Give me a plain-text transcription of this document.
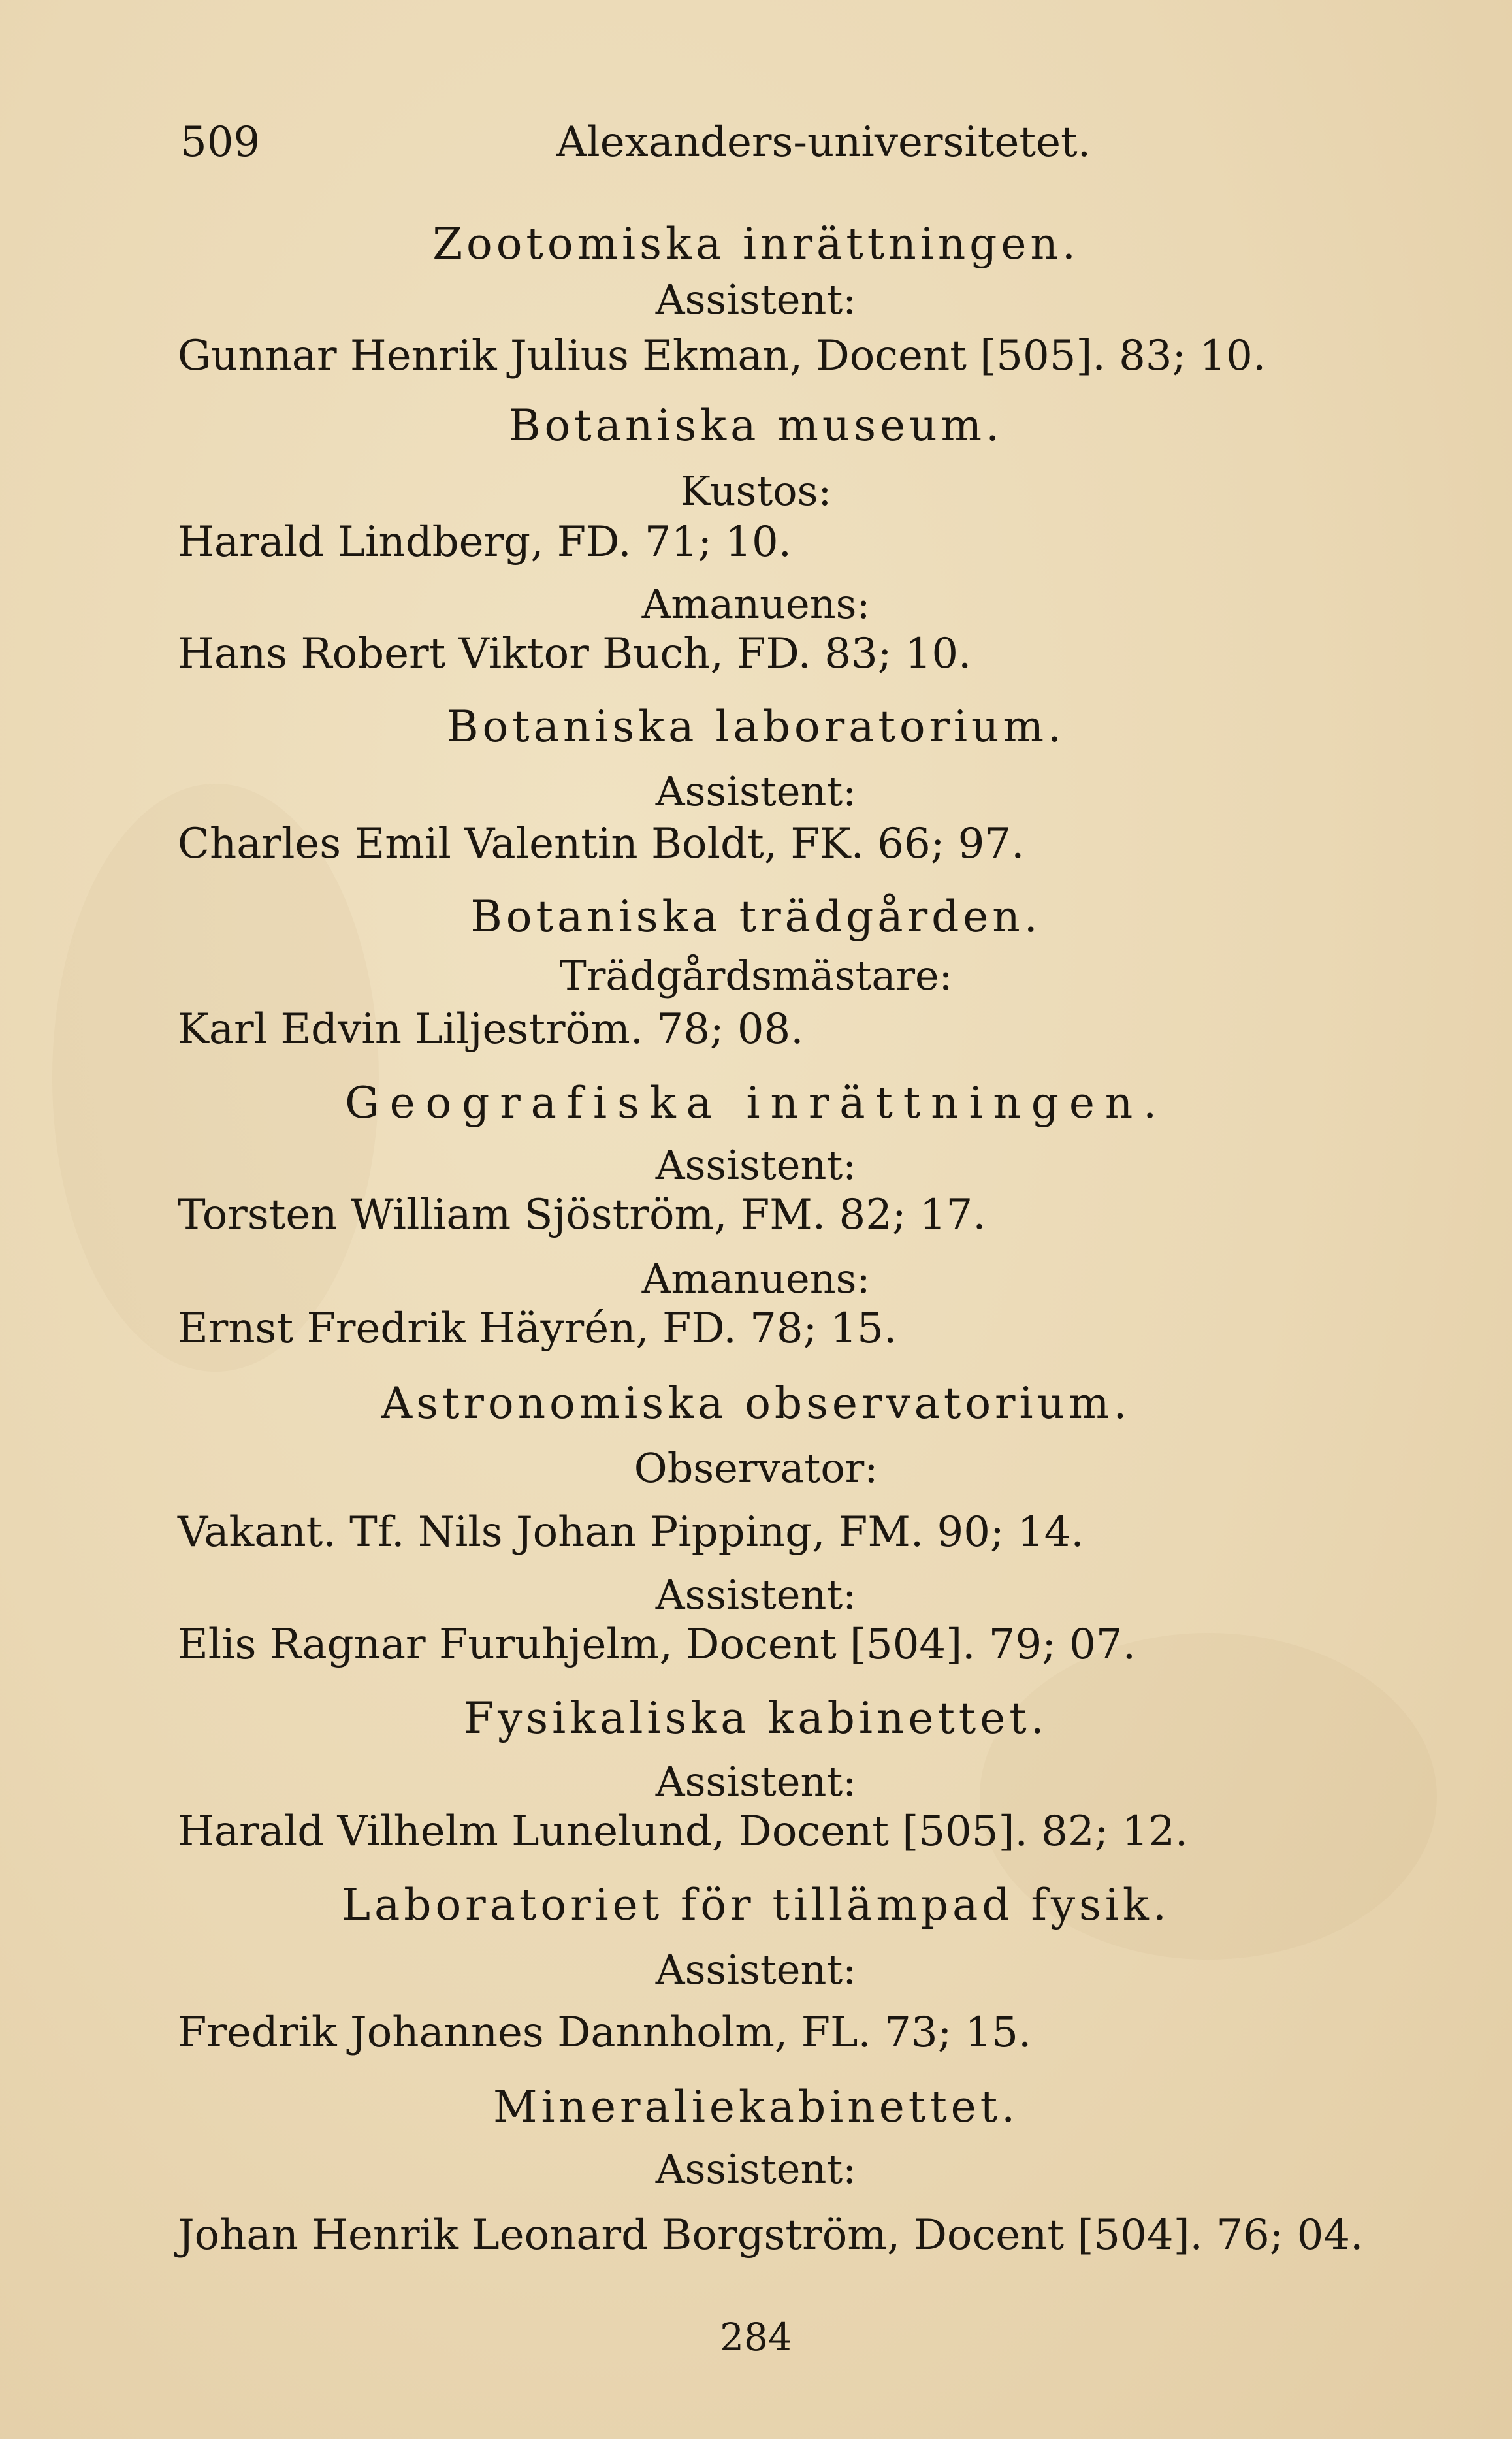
509	Alexanders-universitetet.
Zootomiska inrättningen.
Assistent:
Gunnar Henrik Julius Ekman, Docent [505]. 83; 10.
Botaniska museum.
Kustos:
Harald Lindberg, FD. 71; 10.
Amanuens:
Hans Robert Viktor Buch, FD. 83; 10.
Botaniska laboratorium.
Assistent:
Charles Emil Valentin Boldt, FK. 66; 97.
Botaniska trädgården.
Trädgårdsmästare:
Karl Edvin Liljeström. 78; 08.
Geografiska inrättningen.
Assistent:
Torsten William Sjöström, FM. 82; 17.
Amanuens:
Ernst Fredrik Häyrén, FD. 78; 15.
Astronomiska observatorium.
Observator:
Vakant. Tf. Nils Johan Pipping, FM. 90; 14.
Assistent:
Elis Ragnar Furuhjelm, Docent [504]. 79; 07.
Fysikaliska kabinettet.
Assistent:
Harald Vilhelm Lunelund, Docent [505]. 82; 12.
Laboratoriet för tillämpad fysik.
Assistent:
Fredrik Johannes Dannholm, FL. 73; 15.
Mineraliekabinettet.
Assistent:
Johan Henrik Leonard Borgström, Docent [504]. 76; 04.
284
